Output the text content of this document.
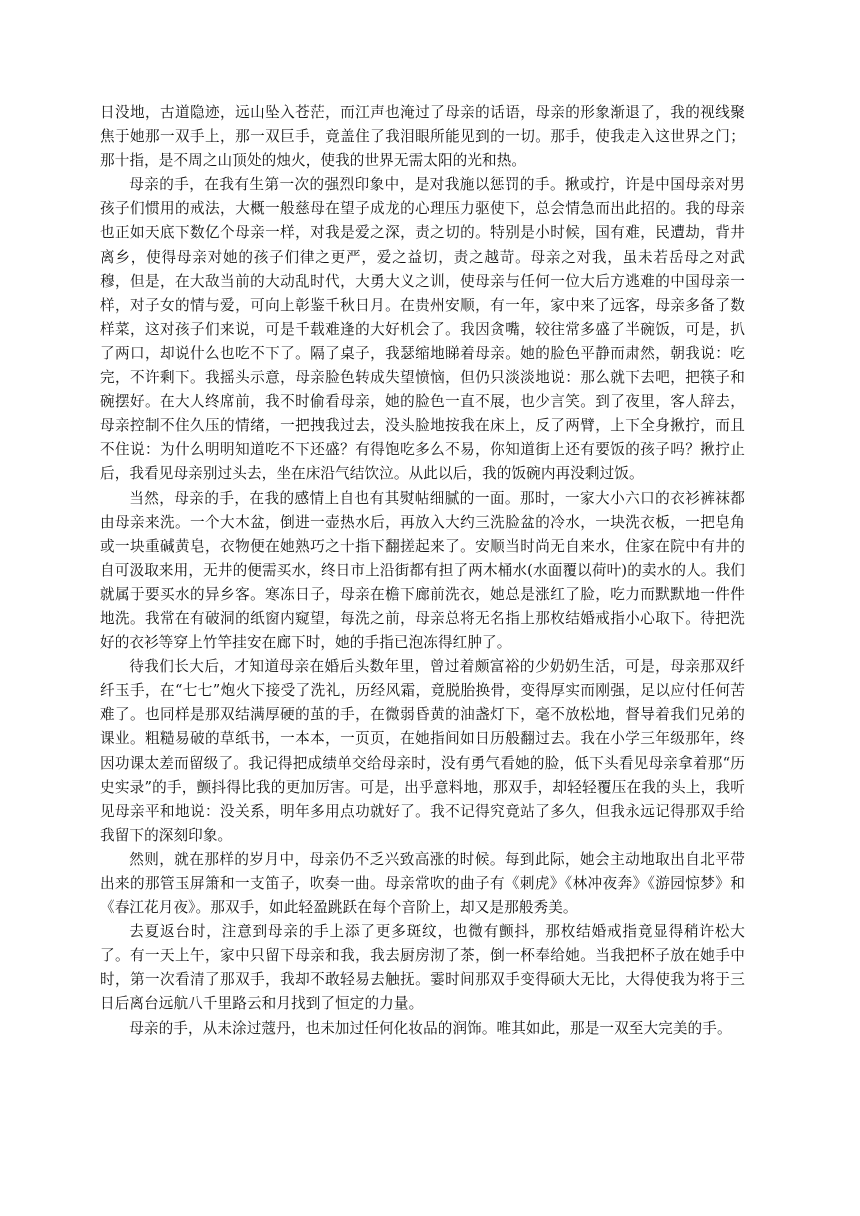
日没地，古道隐迹，远山坠入苍茫，而江声也淹过了母亲的话语，母亲的形象渐退了，我的视线聚焦于她那一双手上，那一双巨手，竟盖住了我泪眼所能见到的一切。那手，使我走入这世界之门；那十指，是不周之山顶处的烛火，使我的世界无需太阳的光和热。

母亲的手，在我有生第一次的强烈印象中，是对我施以惩罚的手。揪或拧，许是中国母亲对男孩子们惯用的戒法，大概一般慈母在望子成龙的心理压力驱使下，总会情急而出此招的。我的母亲也正如天底下数亿个母亲一样，对我是爱之深，责之切的。特别是小时候，国有难，民遭劫，背井离乡，使得母亲对她的孩子们律之更严，爱之益切，责之越苛。母亲之对我，虽未若岳母之对武穆，但是，在大敌当前的大动乱时代，大勇大义之训，使母亲与任何一位大后方逃难的中国母亲一样，对子女的情与爱，可向上彰鉴千秋日月。在贵州安顺，有一年，家中来了远客，母亲多备了数样菜，这对孩子们来说，可是千载难逢的大好机会了。我因贪嘴，较往常多盛了半碗饭，可是，扒了两口，却说什么也吃不下了。隔了桌子，我瑟缩地睇着母亲。她的脸色平静而肃然，朝我说：吃完，不许剩下。我摇头示意，母亲脸色转成失望愤恼，但仍只淡淡地说：那么就下去吧，把筷子和碗摆好。在大人终席前，我不时偷看母亲，她的脸色一直不展，也少言笑。到了夜里，客人辞去，母亲控制不住久压的情绪，一把拽我过去，没头脸地按我在床上，反了两臂，上下全身揪拧，而且不住说：为什么明明知道吃不下还盛？有得饱吃多么不易，你知道街上还有要饭的孩子吗？揪拧止后，我看见母亲别过头去，坐在床沿气结饮泣。从此以后，我的饭碗内再没剩过饭。

当然，母亲的手，在我的感情上自也有其熨帖细腻的一面。那时，一家大小六口的衣衫裤袜都由母亲来洗。一个大木盆，倒进一壶热水后，再放入大约三洗脸盆的冷水，一块洗衣板，一把皂角或一块重碱黄皂，衣物便在她熟巧之十指下翻搓起来了。安顺当时尚无自来水，住家在院中有井的自可汲取来用，无井的便需买水，终日市上沿街都有担了两木桶水(水面覆以荷叶)的卖水的人。我们就属于要买水的异乡客。寒冻日子，母亲在檐下廊前洗衣，她总是涨红了脸，吃力而默默地一件件地洗。我常在有破洞的纸窗内窥望，每洗之前，母亲总将无名指上那枚结婚戒指小心取下。待把洗好的衣衫等穿上竹竿挂安在廊下时，她的手指已泡冻得红肿了。

待我们长大后，才知道母亲在婚后头数年里，曾过着颇富裕的少奶奶生活，可是，母亲那双纤纤玉手，在“七七”炮火下接受了洗礼，历经风霜，竟脱胎换骨，变得厚实而刚强，足以应付任何苦难了。也同样是那双结满厚硬的茧的手，在微弱昏黄的油盏灯下，毫不放松地，督导着我们兄弟的课业。粗糙易破的草纸书，一本本，一页页，在她指间如日历般翻过去。我在小学三年级那年，终因功课太差而留级了。我记得把成绩单交给母亲时，没有勇气看她的脸，低下头看见母亲拿着那“历史实录”的手，颤抖得比我的更加厉害。可是，出乎意料地，那双手，却轻轻覆压在我的头上，我听见母亲平和地说：没关系，明年多用点功就好了。我不记得究竟站了多久，但我永远记得那双手给我留下的深刻印象。

然则，就在那样的岁月中，母亲仍不乏兴致高涨的时候。每到此际，她会主动地取出自北平带出来的那管玉屏箫和一支笛子，吹奏一曲。母亲常吹的曲子有《刺虎》《林冲夜奔》《游园惊梦》和《春江花月夜》。那双手，如此轻盈跳跃在每个音阶上，却又是那般秀美。

去夏返台时，注意到母亲的手上添了更多斑纹，也微有颤抖，那枚结婚戒指竟显得稍许松大了。有一天上午，家中只留下母亲和我，我去厨房沏了茶，倒一杯奉给她。当我把杯子放在她手中时，第一次看清了那双手，我却不敢轻易去触抚。霎时间那双手变得硕大无比，大得使我为将于三日后离台远航八千里路云和月找到了恒定的力量。

母亲的手，从未涂过蔻丹，也未加过任何化妆品的润饰。唯其如此，那是一双至大完美的手。
